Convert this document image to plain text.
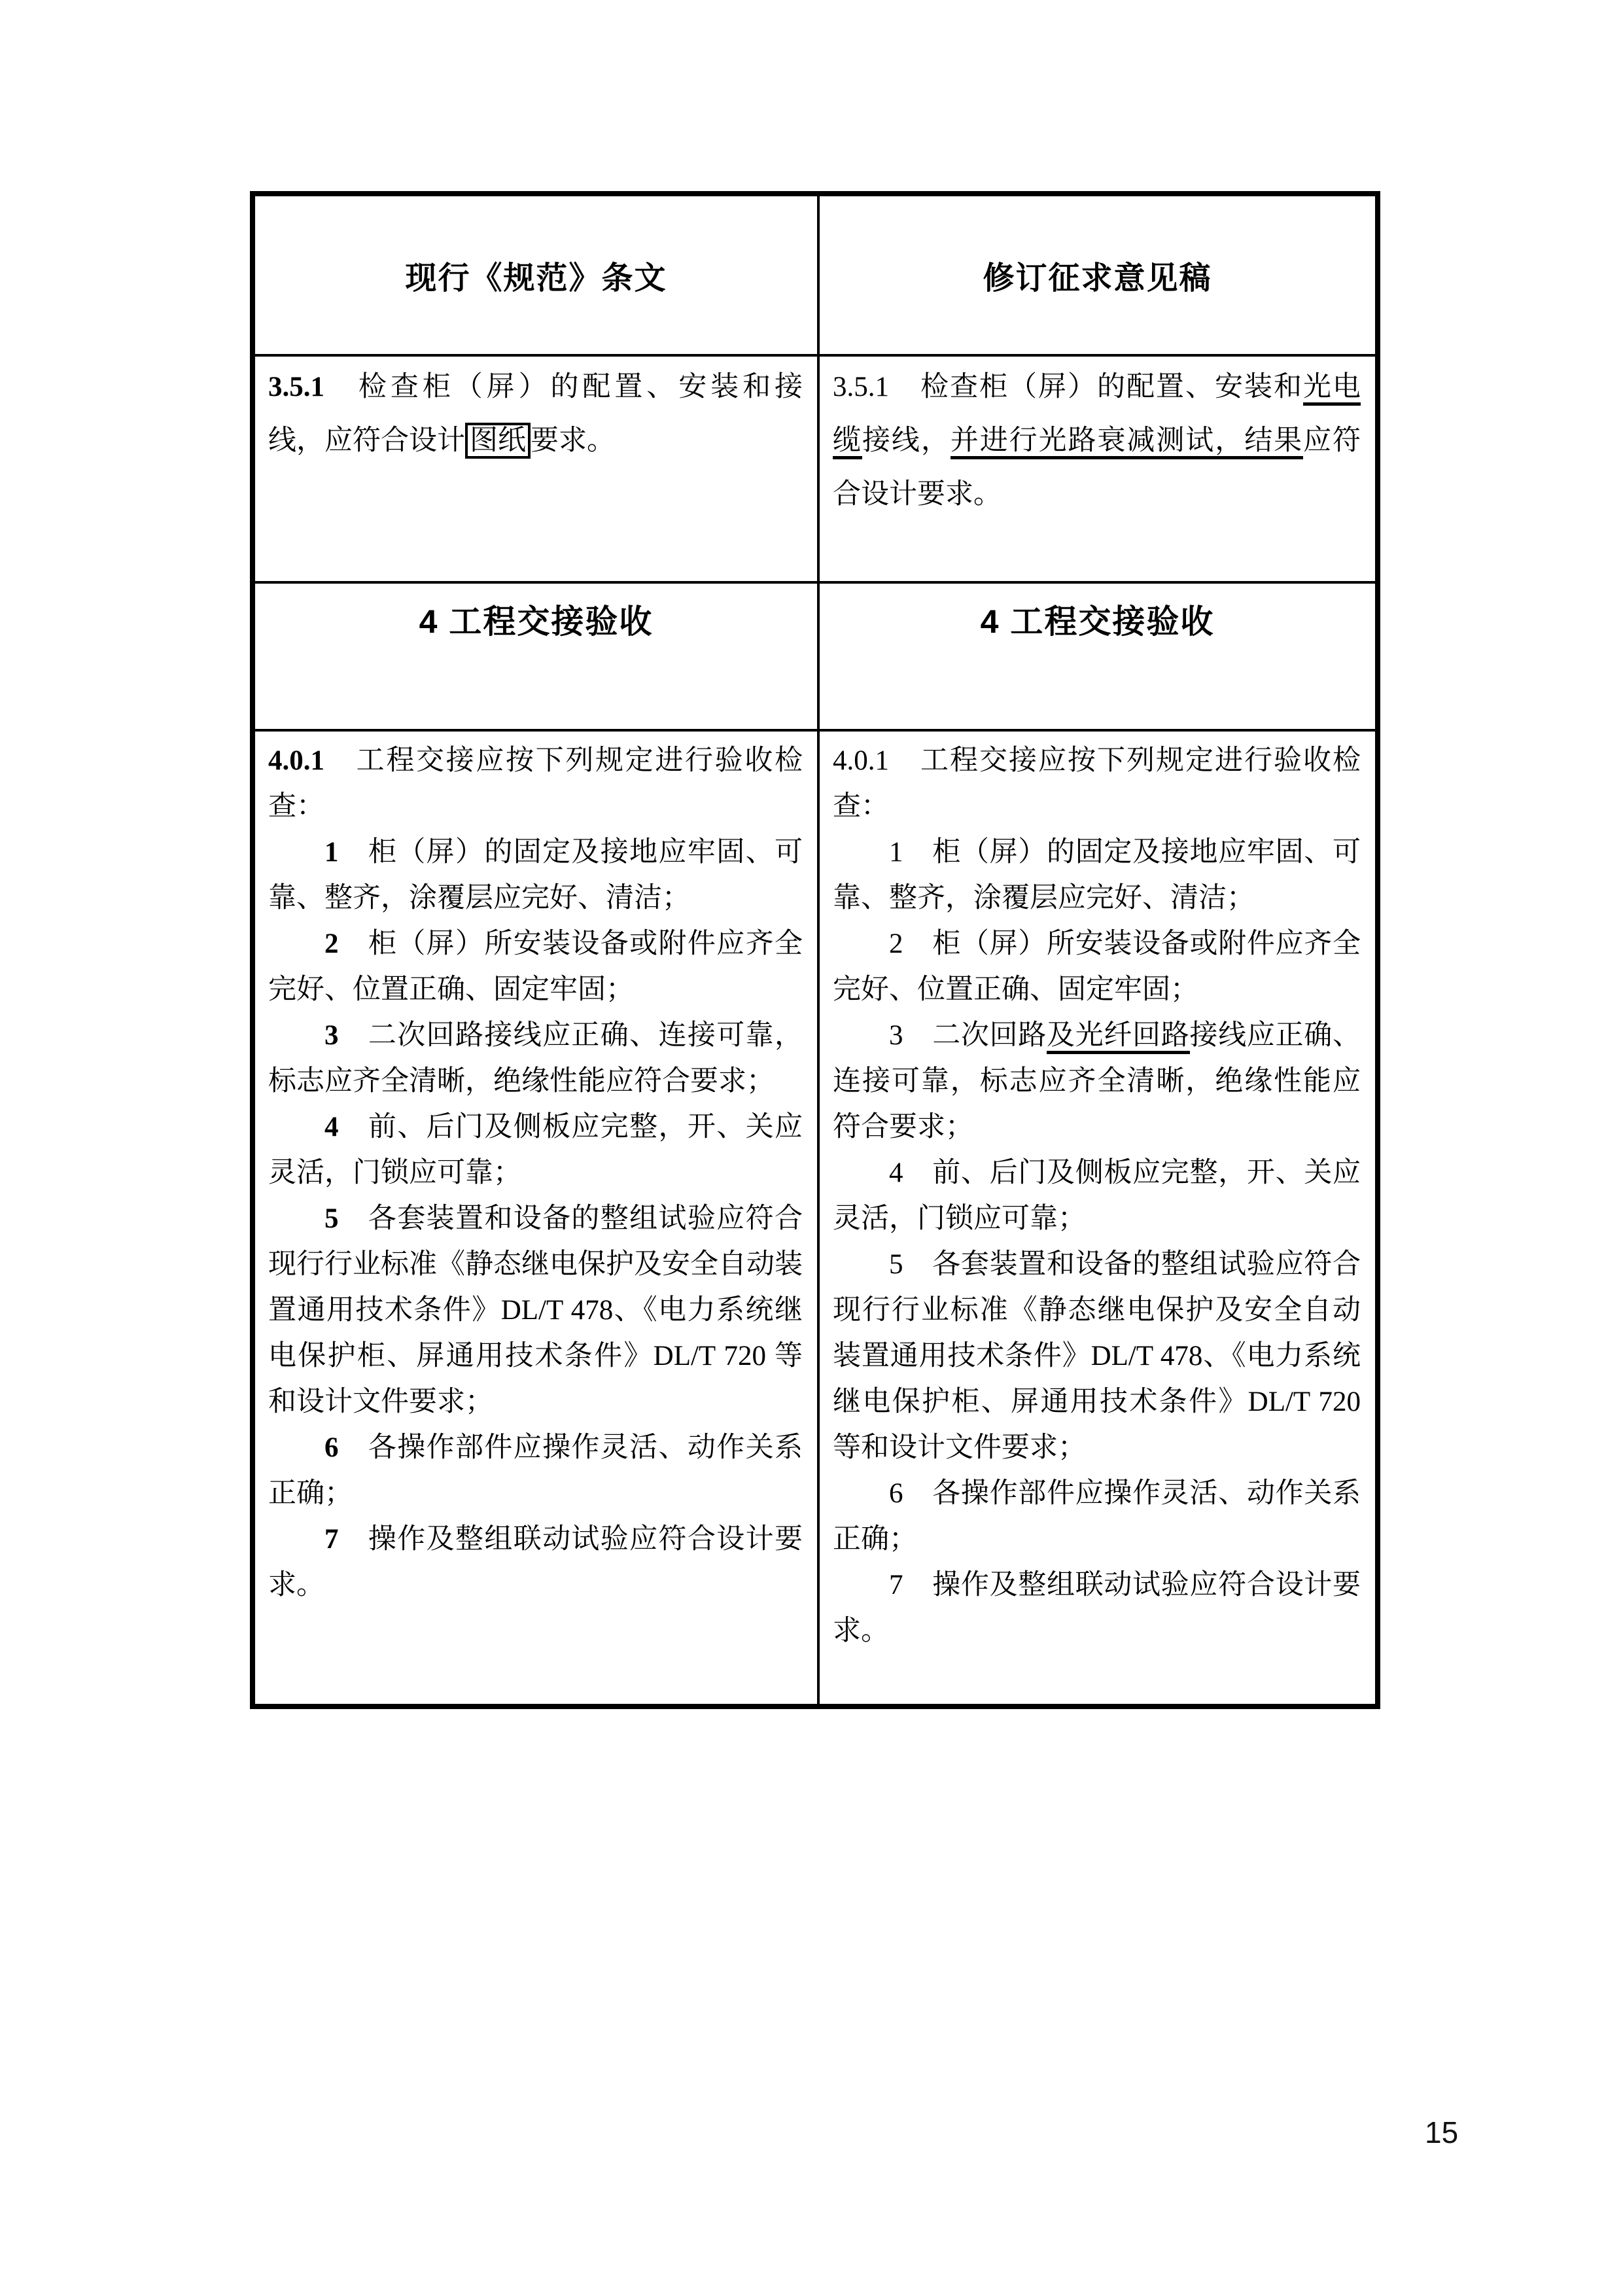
现行《规范》条文	修订征求意见稿

3.5.1 检查柜（屏）的配置、安装和接线，应符合设计 图纸 要求。

3.5.1 检查柜（屏）的配置、安装和光电缆接线，并进行光路衰减测试，结果应符合设计要求。

4 工程交接验收	4 工程交接验收

4.0.1 工程交接应按下列规定进行验收检查：

1 柜（屏）的固定及接地应牢固、可靠、整齐，涂覆层应完好、清洁；

2 柜（屏）所安装设备或附件应齐全完好、位置正确、固定牢固；

3 二次回路接线应正确、连接可靠，标志应齐全清晰，绝缘性能应符合要求；

4 前、后门及侧板应完整，开、关应灵活，门锁应可靠；

5 各套装置和设备的整组试验应符合现行行业标准《静态继电保护及安全自动装置通用技术条件》DL/T 478、《电力系统继电保护柜、屏通用技术条件》DL/T 720 等和设计文件要求；

6 各操作部件应操作灵活、动作关系正确；

7 操作及整组联动试验应符合设计要求。

4.0.1 工程交接应按下列规定进行验收检查：

1 柜（屏）的固定及接地应牢固、可靠、整齐，涂覆层应完好、清洁；

2 柜（屏）所安装设备或附件应齐全完好、位置正确、固定牢固；

3 二次回路及光纤回路接线应正确、连接可靠，标志应齐全清晰，绝缘性能应符合要求；

4 前、后门及侧板应完整，开、关应灵活，门锁应可靠；

5 各套装置和设备的整组试验应符合现行行业标准《静态继电保护及安全自动装置通用技术条件》DL/T 478、《电力系统继电保护柜、屏通用技术条件》DL/T 720 等和设计文件要求；

6 各操作部件应操作灵活、动作关系正确；

7 操作及整组联动试验应符合设计要求。

15
